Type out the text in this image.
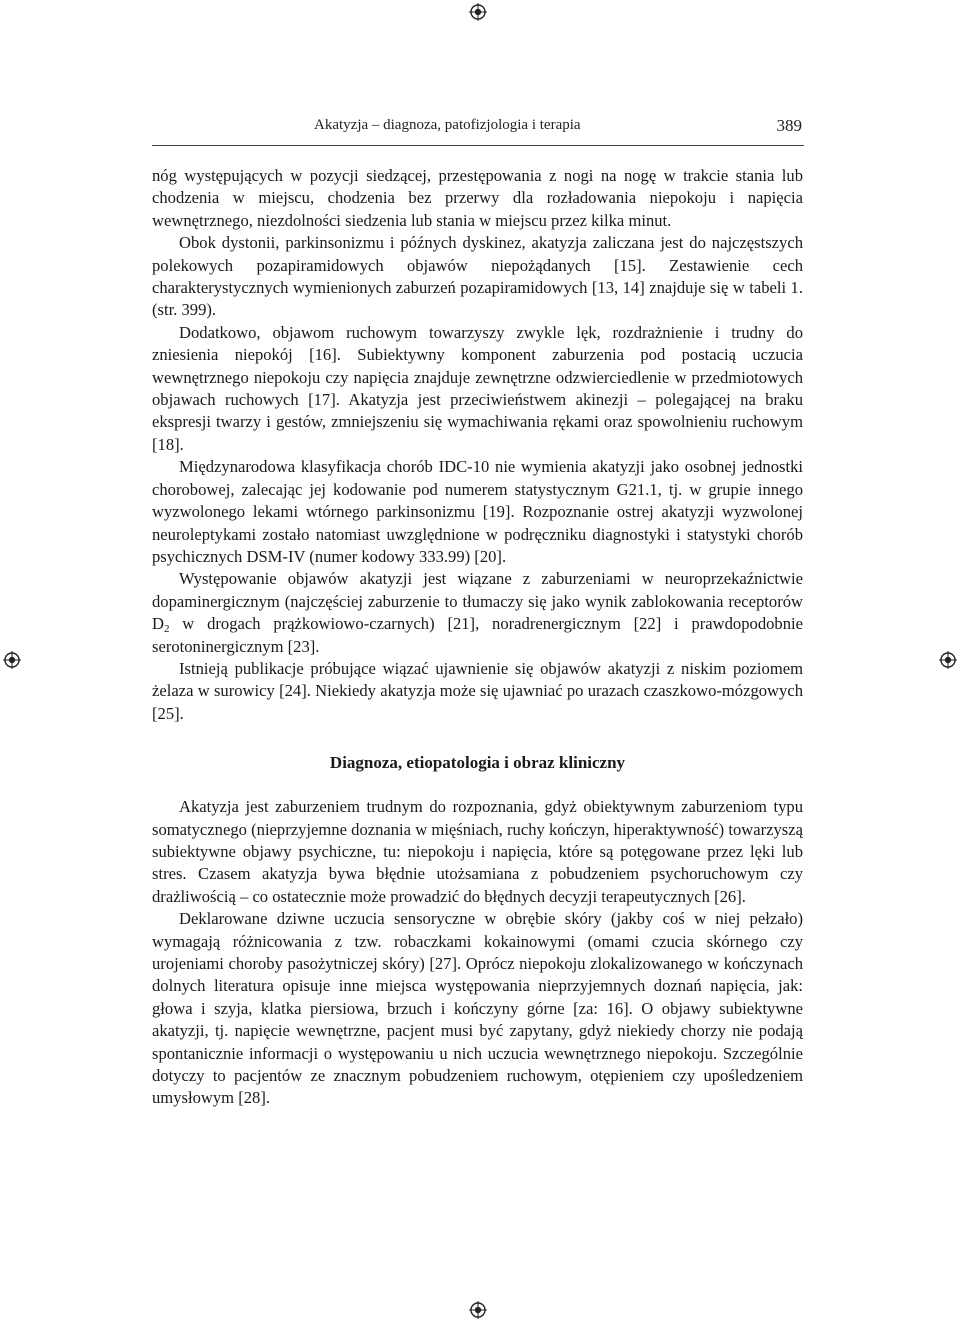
Akatyzja – diagnoza, patofizjologia i terapia	389

nóg występujących w pozycji siedzącej, przestępowania z nogi na nogę w trakcie stania lub chodzenia w miejscu, chodzenia bez przerwy dla rozładowania niepokoju i napięcia wewnętrznego, niezdolności siedzenia lub stania w miejscu przez kilka minut.

Obok dystonii, parkinsonizmu i późnych dyskinez, akatyzja zaliczana jest do najczęstszych polekowych pozapiramidowych objawów niepożądanych [15]. Zestawienie cech charakterystycznych wymienionych zaburzeń pozapiramidowych [13, 14] znajduje się w tabeli 1. (str. 399).

Dodatkowo, objawom ruchowym towarzyszy zwykle lęk, rozdrażnienie i trudny do zniesienia niepokój [16]. Subiektywny komponent zaburzenia pod postacią uczucia wewnętrznego niepokoju czy napięcia znajduje zewnętrzne odzwierciedlenie w przedmiotowych objawach ruchowych [17]. Akatyzja jest przeciwieństwem akinezji – polegającej na braku ekspresji twarzy i gestów, zmniejszeniu się wymachiwania rękami oraz spowolnieniu ruchowym [18].

Międzynarodowa klasyfikacja chorób IDC-10 nie wymienia akatyzji jako osobnej jednostki chorobowej, zalecając jej kodowanie pod numerem statystycznym G21.1, tj. w grupie innego wyzwolonego lekami wtórnego parkinsonizmu [19]. Rozpoznanie ostrej akatyzji wyzwolonej neuroleptykami zostało natomiast uwzględnione w podręczniku diagnostyki i statystyki chorób psychicznych DSM-IV (numer kodowy 333.99) [20].

Występowanie objawów akatyzji jest wiązane z zaburzeniami w neuroprzekaźnictwie dopaminergicznym (najczęściej zaburzenie to tłumaczy się jako wynik zablokowania receptorów $D_2$ w drogach prążkowiowo-czarnych) [21], noradrenergicznym [22] i prawdopodobnie serotoninergicznym [23].

Istnieją publikacje próbujące wiązać ujawnienie się objawów akatyzji z niskim poziomem żelaza w surowicy [24]. Niekiedy akatyzja może się ujawniać po urazach czaszkowo-mózgowych [25].

Diagnoza, etiopatologia i obraz kliniczny

Akatyzja jest zaburzeniem trudnym do rozpoznania, gdyż obiektywnym zaburzeniom typu somatycznego (nieprzyjemne doznania w mięśniach, ruchy kończyn, hiperaktywność) towarzyszą subiektywne objawy psychiczne, tu: niepokoju i napięcia, które są potęgowane przez lęki lub stres. Czasem akatyzja bywa błędnie utożsamiana z pobudzeniem psychoruchowym czy drażliwością – co ostatecznie może prowadzić do błędnych decyzji terapeutycznych [26].

Deklarowane dziwne uczucia sensoryczne w obrębie skóry (jakby coś w niej pełzało) wymagają różnicowania z tzw. robaczkami kokainowymi (omami czucia skórnego czy urojeniami choroby pasożytniczej skóry) [27]. Oprócz niepokoju zlokalizowanego w kończynach dolnych literatura opisuje inne miejsca występowania nieprzyjemnych doznań napięcia, jak: głowa i szyja, klatka piersiowa, brzuch i kończyny górne [za: 16]. O objawy subiektywne akatyzji, tj. napięcie wewnętrzne, pacjent musi być zapytany, gdyż niekiedy chorzy nie podają spontanicznie informacji o występowaniu u nich uczucia wewnętrznego niepokoju. Szczególnie dotyczy to pacjentów ze znacznym pobudzeniem ruchowym, otępieniem czy upośledzeniem umysłowym [28].
